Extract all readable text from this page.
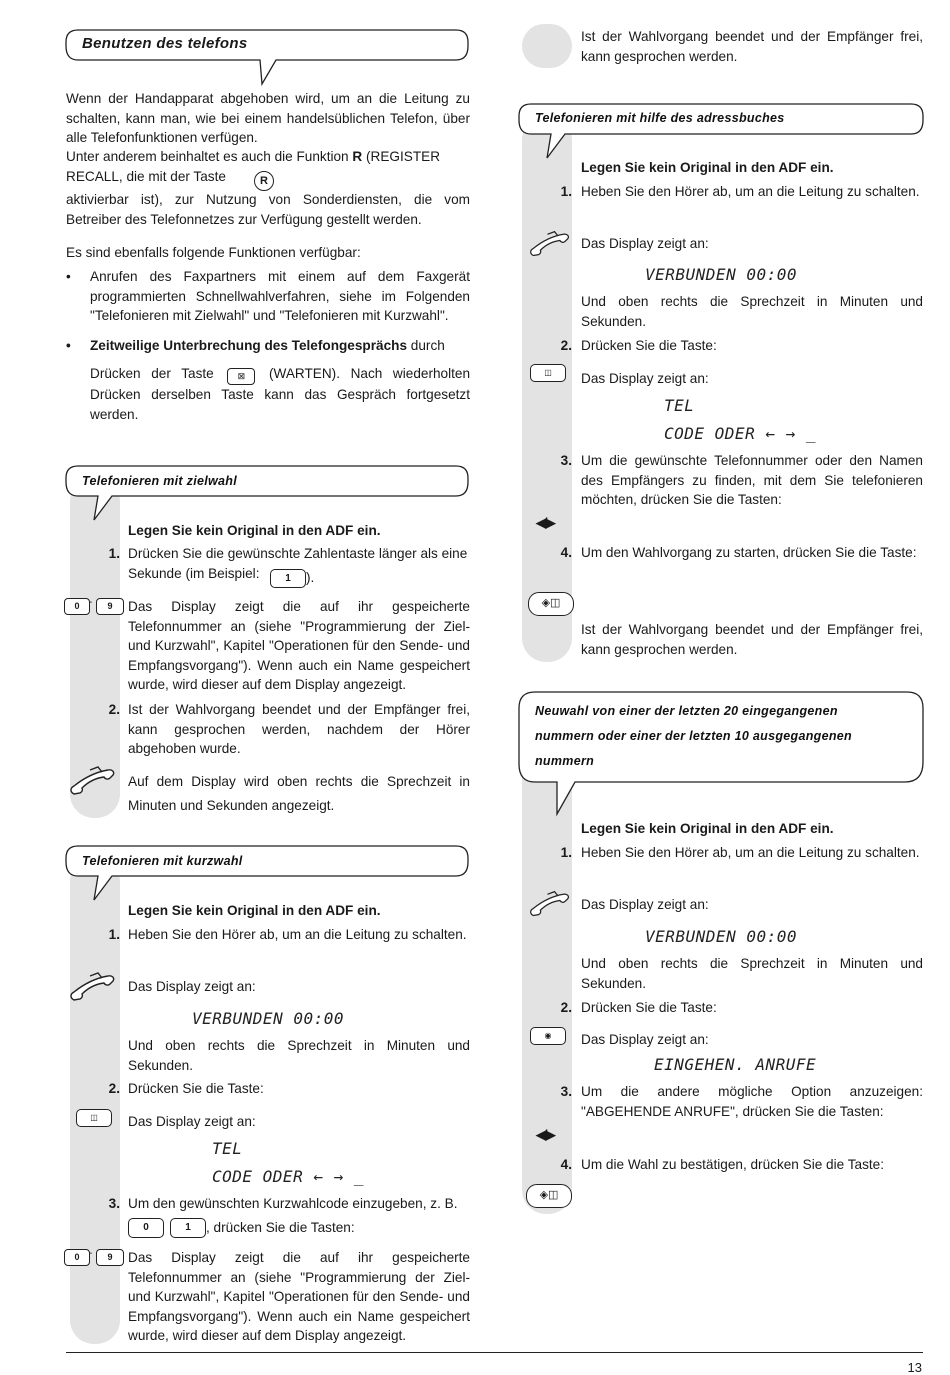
Benutzen des telefons
Wenn der Handapparat abgehoben wird, um an die Leitung zu schalten, kann man, wie bei einem handelsüblichen Telefon, über alle Telefonfunktionen verfügen.
Unter anderem beinhaltet es auch die Funktion R (REGISTER RECALL, die mit der Taste	R
aktivierbar ist), zur Nutzung von Sonderdiensten, die vom Betreiber des Telefonnetzes zur Verfügung gestellt werden.
Es sind ebenfalls folgende Funktionen verfügbar:
• Anrufen des Faxpartners mit einem auf dem Faxgerät programmierten Schnellwahlverfahren, siehe im Folgenden "Telefonieren mit Zielwahl" und "Telefonieren mit Kurzwahl".
• Zeitweilige Unterbrechung des Telefongesprächs durch
Drücken der Taste	⊠ (WARTEN). Nach wiederholten Drücken derselben Taste kann das Gespräch fortgesetzt werden.
Telefonieren mit zielwahl
Legen Sie kein Original in den ADF ein.
1. Drücken Sie die gewünschte Zahlentaste länger als eine Sekunde (im Beispiel:	1	).
0 -	9	Das Display zeigt die auf ihr gespeicherte Telefonnummer an (siehe "Programmierung der Ziel- und Kurzwahl", Kapitel "Operationen für den Sende- und Empfangsvorgang"). Wenn auch ein Name gespeichert wurde, wird dieser auf dem Display angezeigt.
2. Ist der Wahlvorgang beendet und der Empfänger frei, kann gesprochen werden, nachdem der Hörer abgehoben wurde.
Auf dem Display wird oben rechts die Sprechzeit in Minuten und Sekunden angezeigt.
Telefonieren mit kurzwahl
Legen Sie kein Original in den ADF ein.
1. Heben Sie den Hörer ab, um an die Leitung zu schalten.
Das Display zeigt an:
VERBUNDEN 00:00
Und oben rechts die Sprechzeit in Minuten und Sekunden.
2. Drücken Sie die Taste:
◫	Das Display zeigt an:
TEL
CODE ODER ← → _
3. Um den gewünschten Kurzwahlcode einzugeben, z. B.
0	1	, drücken Sie die Tasten:
0 -	9	Das Display zeigt die auf ihr gespeicherte Telefonnummer an (siehe "Programmierung der Ziel- und Kurzwahl", Kapitel "Operationen für den Sende- und Empfangsvorgang"). Wenn auch ein Name gespeichert wurde, wird dieser auf dem Display angezeigt.
Ist der Wahlvorgang beendet und der Empfänger frei, kann gesprochen werden.
Telefonieren mit hilfe des adressbuches
Legen Sie kein Original in den ADF ein.
1. Heben Sie den Hörer ab, um an die Leitung zu schalten.
Das Display zeigt an:
VERBUNDEN 00:00
Und oben rechts die Sprechzeit in Minuten und Sekunden.
2. Drücken Sie die Taste:
◫	Das Display zeigt an:
TEL
CODE ODER ← → _
3. Um die gewünschte Telefonnummer oder den Namen des Empfängers zu finden, mit dem Sie telefonieren möchten, drücken Sie die Tasten:
◀/▶
4. Um den Wahlvorgang zu starten, drücken Sie die Taste:
◈◫
Ist der Wahlvorgang beendet und der Empfänger frei, kann gesprochen werden.
Neuwahl von einer der letzten 20 eingegangenen
nummern oder einer der letzten 10 ausgegangenen
nummern
Legen Sie kein Original in den ADF ein.
1. Heben Sie den Hörer ab, um an die Leitung zu schalten.
Das Display zeigt an:
VERBUNDEN 00:00
Und oben rechts die Sprechzeit in Minuten und Sekunden.
2. Drücken Sie die Taste:
◉	Das Display zeigt an:
EINGEHEN. ANRUFE
3. Um die andere mögliche Option anzuzeigen: "ABGEHENDE ANRUFE", drücken Sie die Tasten:
◀/▶
4. Um die Wahl zu bestätigen, drücken Sie die Taste:
◈◫
13
